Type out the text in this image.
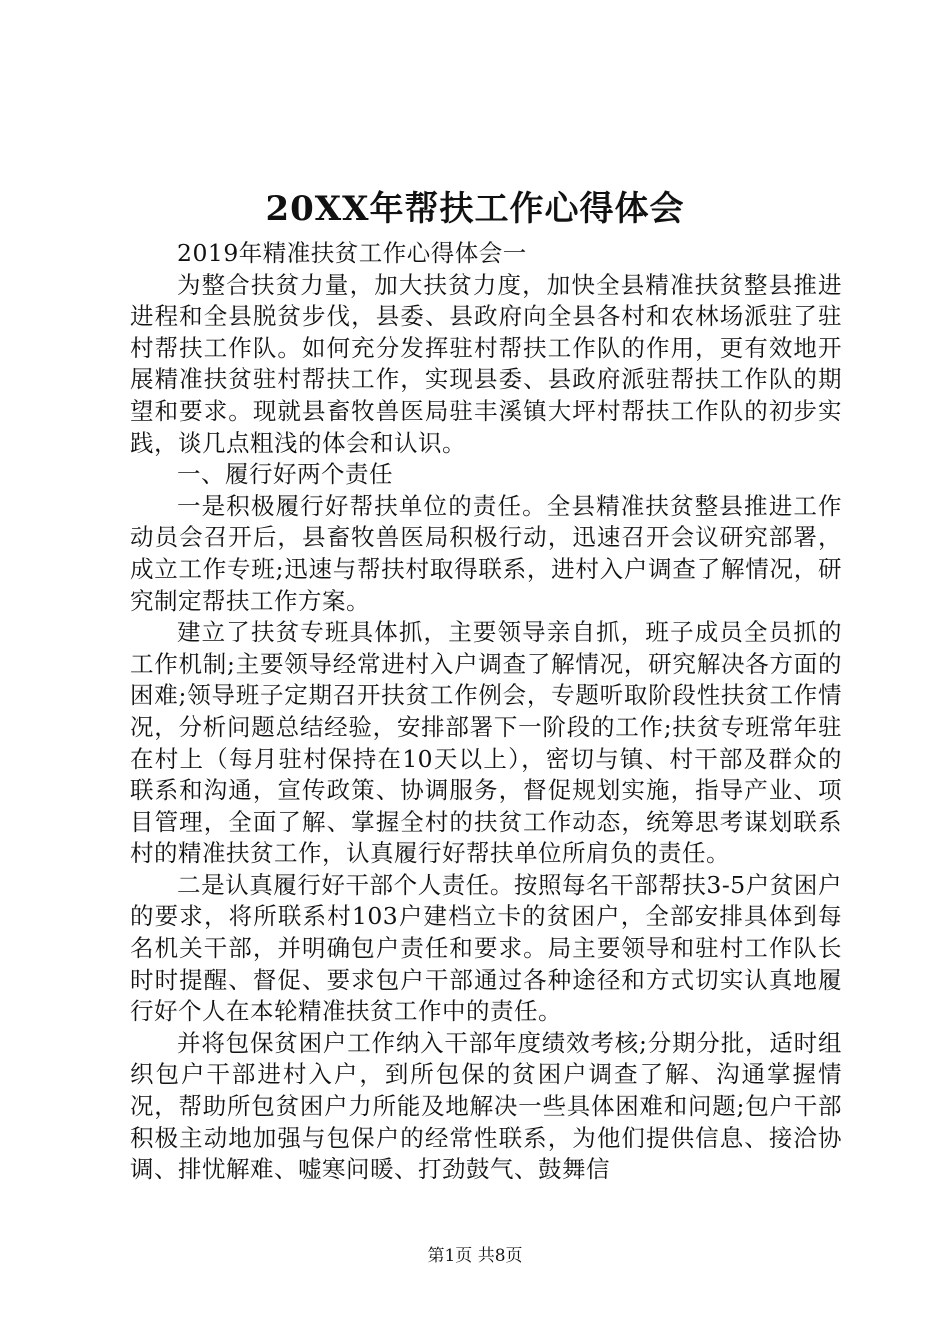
20XX年帮扶工作心得体会

2019年精准扶贫工作心得体会一

为整合扶贫力量，加大扶贫力度，加快全县精准扶贫整县推进进程和全县脱贫步伐，县委、县政府向全县各村和农林场派驻了驻村帮扶工作队。如何充分发挥驻村帮扶工作队的作用，更有效地开展精准扶贫驻村帮扶工作，实现县委、县政府派驻帮扶工作队的期望和要求。现就县畜牧兽医局驻丰溪镇大坪村帮扶工作队的初步实践，谈几点粗浅的体会和认识。

一、履行好两个责任

一是积极履行好帮扶单位的责任。全县精准扶贫整县推进工作动员会召开后，县畜牧兽医局积极行动，迅速召开会议研究部署，成立工作专班;迅速与帮扶村取得联系，进村入户调查了解情况，研究制定帮扶工作方案。

建立了扶贫专班具体抓，主要领导亲自抓，班子成员全员抓的工作机制;主要领导经常进村入户调查了解情况，研究解决各方面的困难;领导班子定期召开扶贫工作例会，专题听取阶段性扶贫工作情况，分析问题总结经验，安排部署下一阶段的工作;扶贫专班常年驻在村上（每月驻村保持在10天以上），密切与镇、村干部及群众的联系和沟通，宣传政策、协调服务，督促规划实施，指导产业、项目管理，全面了解、掌握全村的扶贫工作动态，统筹思考谋划联系村的精准扶贫工作，认真履行好帮扶单位所肩负的责任。

二是认真履行好干部个人责任。按照每名干部帮扶3-5户贫困户的要求，将所联系村103户建档立卡的贫困户，全部安排具体到每名机关干部，并明确包户责任和要求。局主要领导和驻村工作队长时时提醒、督促、要求包户干部通过各种途径和方式切实认真地履行好个人在本轮精准扶贫工作中的责任。

并将包保贫困户工作纳入干部年度绩效考核;分期分批，适时组织包户干部进村入户，到所包保的贫困户调查了解、沟通掌握情况，帮助所包贫困户力所能及地解决一些具体困难和问题;包户干部积极主动地加强与包保户的经常性联系，为他们提供信息、接洽协调、排忧解难、嘘寒问暖、打劲鼓气、鼓舞信

第1页 共8页
